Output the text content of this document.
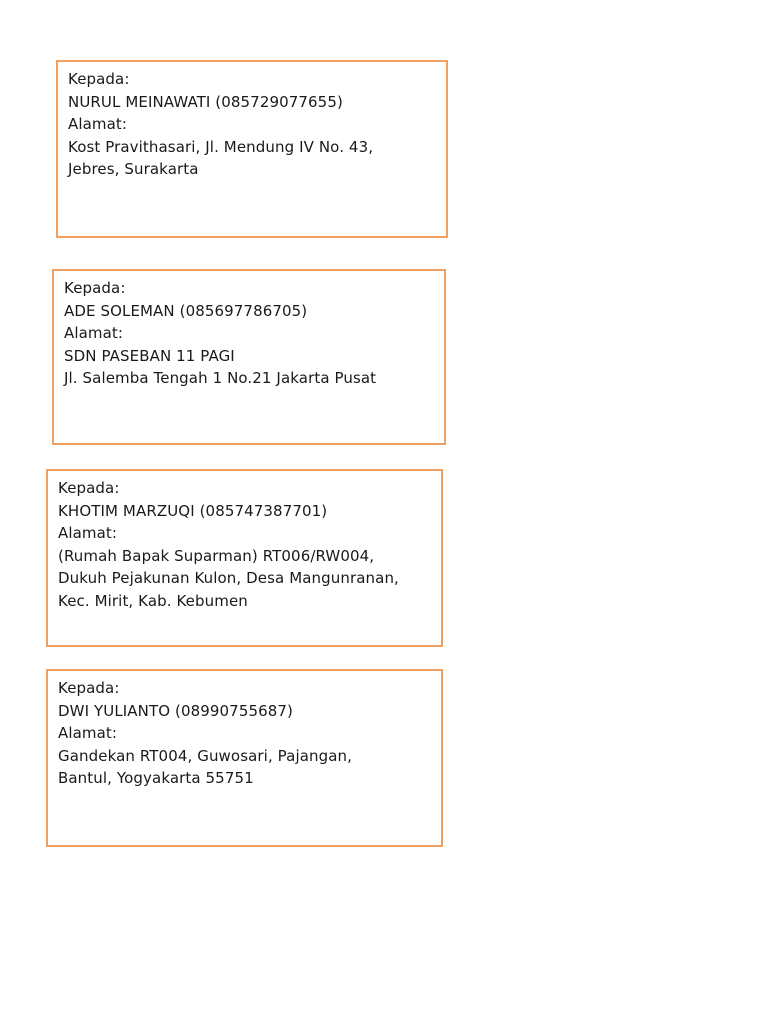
Kepada:
NURUL MEINAWATI (085729077655)
Alamat:
Kost Pravithasari, Jl. Mendung IV No. 43,
Jebres, Surakarta
Kepada:
ADE SOLEMAN (085697786705)
Alamat:
SDN PASEBAN 11 PAGI
Jl. Salemba Tengah 1 No.21 Jakarta Pusat
Kepada:
KHOTIM MARZUQI (085747387701)
Alamat:
(Rumah Bapak Suparman) RT006/RW004,
Dukuh Pejakunan Kulon, Desa Mangunranan,
Kec. Mirit, Kab. Kebumen
Kepada:
DWI YULIANTO (08990755687)
Alamat:
Gandekan RT004, Guwosari, Pajangan,
Bantul, Yogyakarta 55751
